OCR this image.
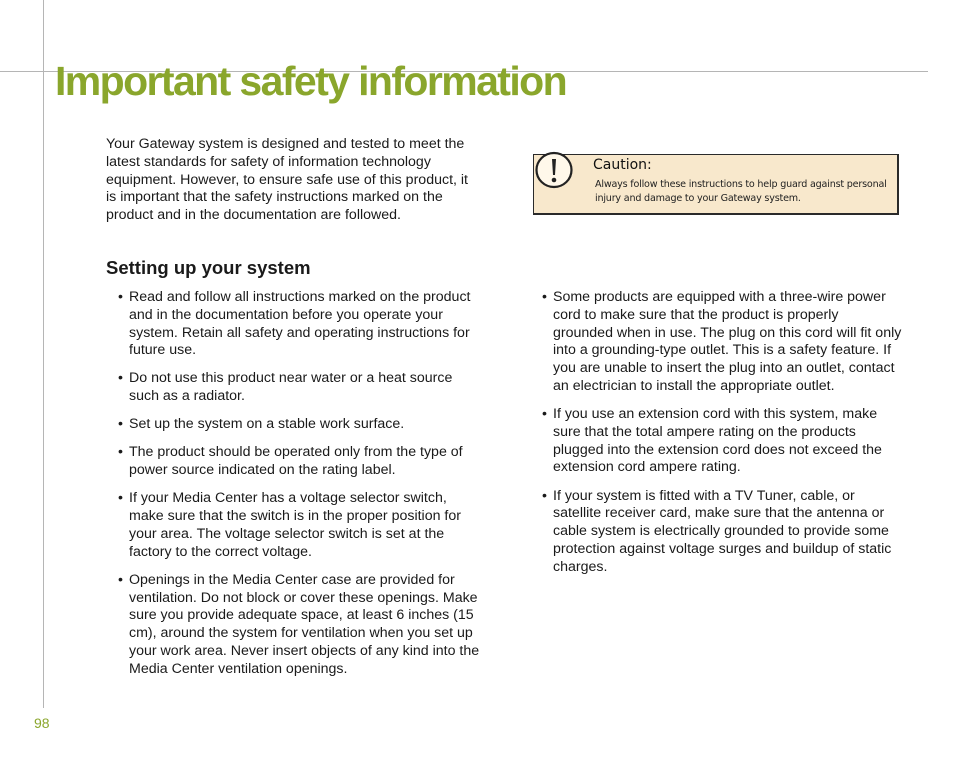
Important safety information

Your Gateway system is designed and tested to meet the latest standards for safety of information technology equipment. However, to ensure safe use of this product, it is important that the safety instructions marked on the product and in the documentation are followed.

Caution:
Always follow these instructions to help guard against personal injury and damage to your Gateway system.
Setting up your system
• Read and follow all instructions marked on the product and in the documentation before you operate your system. Retain all safety and operating instructions for future use.
• Do not use this product near water or a heat source such as a radiator.
• Set up the system on a stable work surface.
• The product should be operated only from the type of power source indicated on the rating label.
• If your Media Center has a voltage selector switch, make sure that the switch is in the proper position for your area. The voltage selector switch is set at the factory to the correct voltage.
• Openings in the Media Center case are provided for ventilation. Do not block or cover these openings. Make sure you provide adequate space, at least 6 inches (15 cm), around the system for ventilation when you set up your work area. Never insert objects of any kind into the Media Center ventilation openings.
• Some products are equipped with a three-wire power cord to make sure that the product is properly grounded when in use. The plug on this cord will fit only into a grounding-type outlet. This is a safety feature. If you are unable to insert the plug into an outlet, contact an electrician to install the appropriate outlet.
• If you use an extension cord with this system, make sure that the total ampere rating on the products plugged into the extension cord does not exceed the extension cord ampere rating.
• If your system is fitted with a TV Tuner, cable, or satellite receiver card, make sure that the antenna or cable system is electrically grounded to provide some protection against voltage surges and buildup of static charges.
98
